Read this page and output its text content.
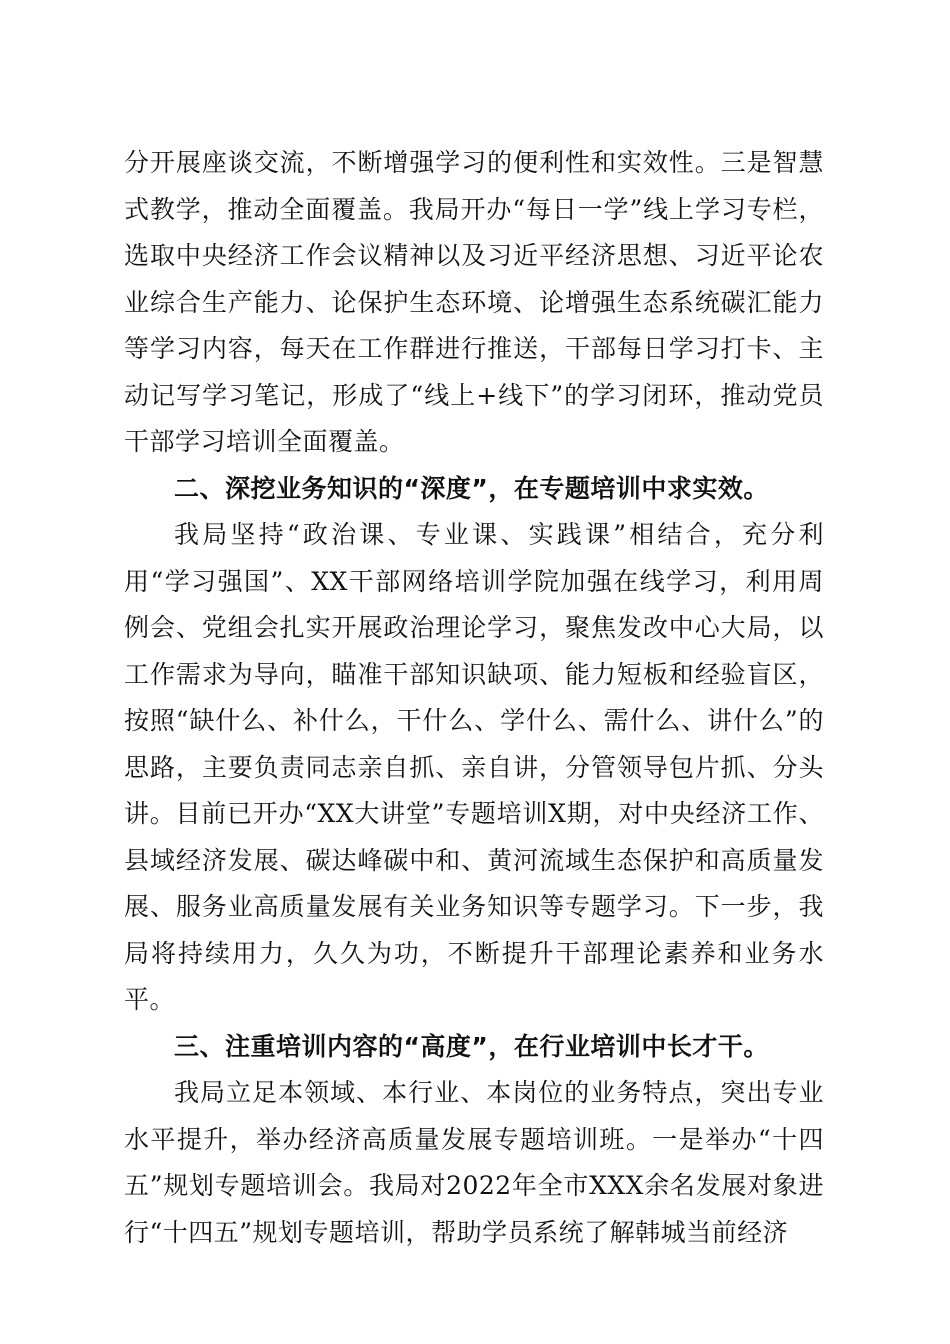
分开展座谈交流，不断增强学习的便利性和实效性。三是智慧式教学，推动全面覆盖。我局开办“每日一学”线上学习专栏，选取中央经济工作会议精神以及习近平经济思想、习近平论农业综合生产能力、论保护生态环境、论增强生态系统碳汇能力等学习内容，每天在工作群进行推送，干部每日学习打卡、主动记写学习笔记，形成了“线上+线下”的学习闭环，推动党员干部学习培训全面覆盖。

二、深挖业务知识的“深度”，在专题培训中求实效。

我局坚持“政治课、专业课、实践课”相结合，充分利用“学习强国”、XX干部网络培训学院加强在线学习，利用周例会、党组会扎实开展政治理论学习，聚焦发改中心大局，以工作需求为导向，瞄准干部知识缺项、能力短板和经验盲区，按照“缺什么、补什么，干什么、学什么、需什么、讲什么”的思路，主要负责同志亲自抓、亲自讲，分管领导包片抓、分头讲。目前已开办“XX大讲堂”专题培训X期，对中央经济工作、县域经济发展、碳达峰碳中和、黄河流域生态保护和高质量发展、服务业高质量发展有关业务知识等专题学习。下一步，我局将持续用力，久久为功，不断提升干部理论素养和业务水平。

三、注重培训内容的“高度”，在行业培训中长才干。

我局立足本领域、本行业、本岗位的业务特点，突出专业水平提升，举办经济高质量发展专题培训班。一是举办“十四五”规划专题培训会。我局对2022年全市XXX余名发展对象进行“十四五”规划专题培训，帮助学员系统了解韩城当前经济
